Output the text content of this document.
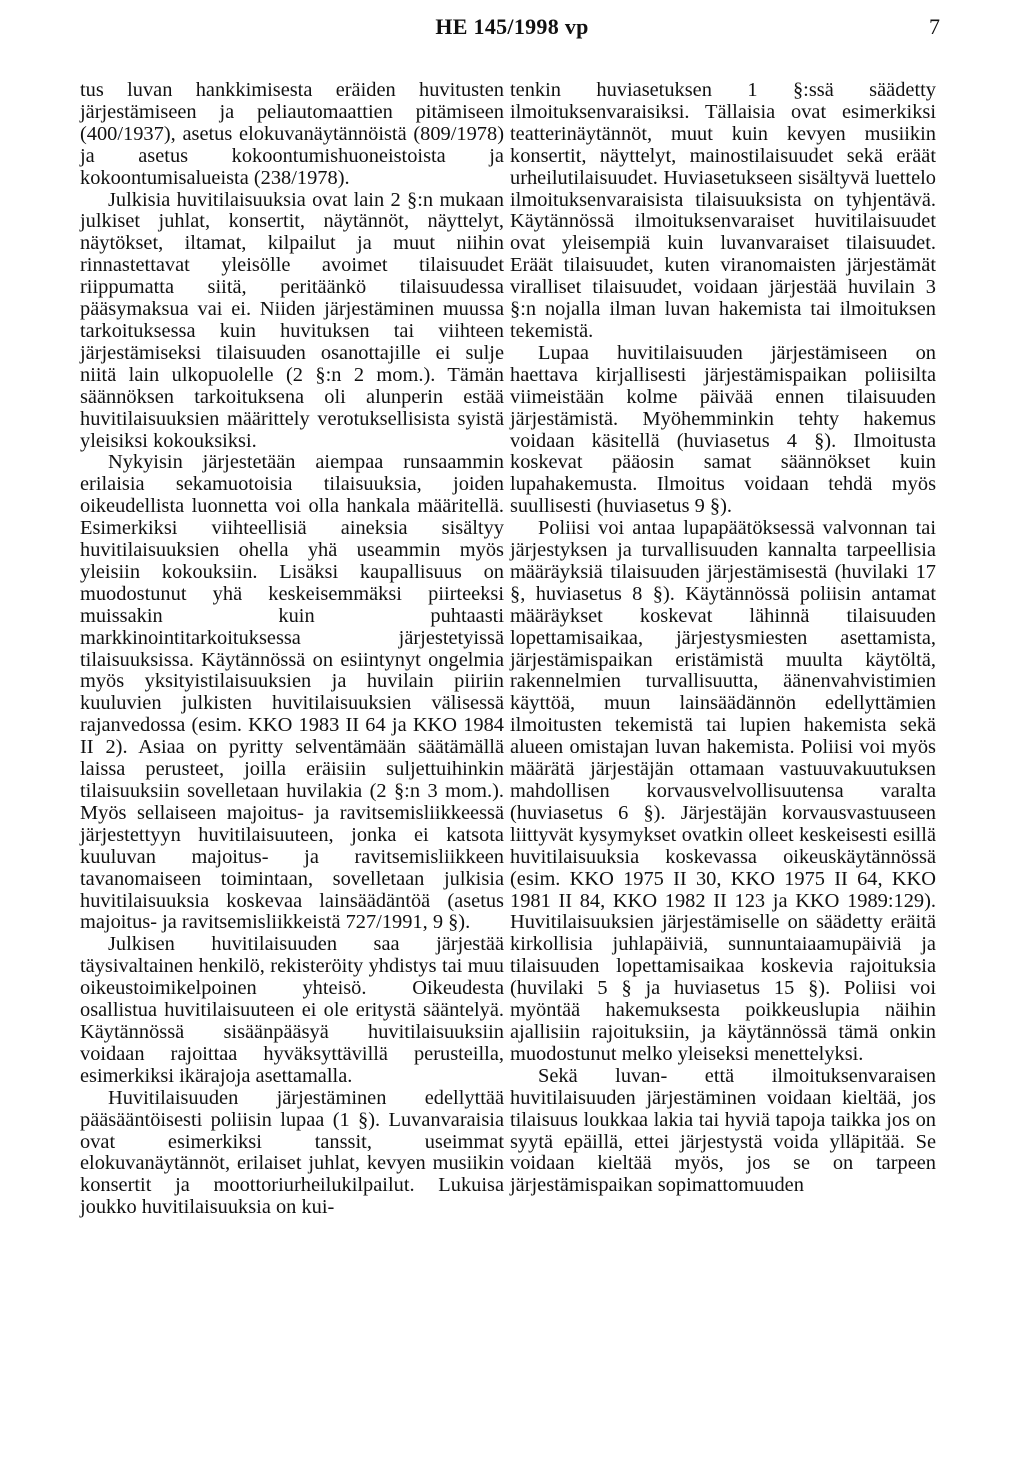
HE 145/1998 vp	7

tus luvan hankkimisesta eräiden huvitusten järjestämiseen ja peliautomaattien pitämiseen (400/1937), asetus elokuvanäytännöistä (809/1978) ja asetus kokoontumishuoneistoista ja kokoontumisalueista (238/1978).

Julkisia huvitilaisuuksia ovat lain 2 §:n mukaan julkiset juhlat, konsertit, näytännöt, näyttelyt, näytökset, iltamat, kilpailut ja muut niihin rinnastettavat yleisölle avoimet tilaisuudet riippumatta siitä, peritäänkö tilaisuudessa pääsymaksua vai ei. Niiden järjestäminen muussa tarkoituksessa kuin huvituksen tai viihteen järjestämiseksi tilaisuuden osanottajille ei sulje niitä lain ulkopuolelle (2 §:n 2 mom.). Tämän säännöksen tarkoituksena oli alunperin estää huvitilaisuuksien määrittely verotuksellisista syistä yleisiksi kokouksiksi.

Nykyisin järjestetään aiempaa runsaammin erilaisia sekamuotoisia tilaisuuksia, joiden oikeudellista luonnetta voi olla hankala määritellä. Esimerkiksi viihteellisiä aineksia sisältyy huvitilaisuuksien ohella yhä useammin myös yleisiin kokouksiin. Lisäksi kaupallisuus on muodostunut yhä keskeisemmäksi piirteeksi muissakin kuin puhtaasti markkinointitarkoituksessa järjestetyissä tilaisuuksissa. Käytännössä on esiintynyt ongelmia myös yksityistilaisuuksien ja huvilain piiriin kuuluvien julkisten huvitilaisuuksien välisessä rajanvedossa (esim. KKO 1983 II 64 ja KKO 1984 II 2). Asiaa on pyritty selventämään säätämällä laissa perusteet, joilla eräisiin suljettuihinkin tilaisuuksiin sovelletaan huvilakia (2 §:n 3 mom.). Myös sellaiseen majoitus- ja ravitsemisliikkeessä järjestettyyn huvitilaisuuteen, jonka ei katsota kuuluvan majoitus- ja ravitsemisliikkeen tavanomaiseen toimintaan, sovelletaan julkisia huvitilaisuuksia koskevaa lainsäädäntöä (asetus majoitus- ja ravitsemisliikkeistä 727/1991, 9 §).

Julkisen huvitilaisuuden saa järjestää täysivaltainen henkilö, rekisteröity yhdistys tai muu oikeustoimikelpoinen yhteisö. Oikeudesta osallistua huvitilaisuuteen ei ole eritystä sääntelyä. Käytännössä sisäänpääsyä huvitilaisuuksiin voidaan rajoittaa hyväksyttävillä perusteilla, esimerkiksi ikärajoja asettamalla.

Huvitilaisuuden järjestäminen edellyttää pääsääntöisesti poliisin lupaa (1 §). Luvanvaraisia ovat esimerkiksi tanssit, useimmat elokuvanäytännöt, erilaiset juhlat, kevyen musiikin konsertit ja moottoriurheilukilpailut. Lukuisa joukko huvitilaisuuksia on kui-

tenkin huviasetuksen 1 §:ssä säädetty ilmoituksenvaraisiksi. Tällaisia ovat esimerkiksi teatterinäytännöt, muut kuin kevyen musiikin konsertit, näyttelyt, mainostilaisuudet sekä eräät urheilutilaisuudet. Huviasetukseen sisältyvä luettelo ilmoituksenvaraisista tilaisuuksista on tyhjentävä. Käytännössä ilmoituksenvaraiset huvitilaisuudet ovat yleisempiä kuin luvanvaraiset tilaisuudet. Eräät tilaisuudet, kuten viranomaisten järjestämät viralliset tilaisuudet, voidaan järjestää huvilain 3 §:n nojalla ilman luvan hakemista tai ilmoituksen tekemistä.

Lupaa huvitilaisuuden järjestämiseen on haettava kirjallisesti järjestämispaikan poliisilta viimeistään kolme päivää ennen tilaisuuden järjestämistä. Myöhemminkin tehty hakemus voidaan käsitellä (huviasetus 4 §). Ilmoitusta koskevat pääosin samat säännökset kuin lupahakemusta. Ilmoitus voidaan tehdä myös suullisesti (huviasetus 9 §).

Poliisi voi antaa lupapäätöksessä valvonnan tai järjestyksen ja turvallisuuden kannalta tarpeellisia määräyksiä tilaisuuden järjestämisestä (huvilaki 17 §, huviasetus 8 §). Käytännössä poliisin antamat määräykset koskevat lähinnä tilaisuuden lopettamisaikaa, järjestysmiesten asettamista, järjestämispaikan eristämistä muulta käytöltä, rakennelmien turvallisuutta, äänenvahvistimien käyttöä, muun lainsäädännön edellyttämien ilmoitusten tekemistä tai lupien hakemista sekä alueen omistajan luvan hakemista. Poliisi voi myös määrätä järjestäjän ottamaan vastuuvakuutuksen mahdollisen korvausvelvollisuutensa varalta (huviasetus 6 §). Järjestäjän korvausvastuuseen liittyvät kysymykset ovatkin olleet keskeisesti esillä huvitilaisuuksia koskevassa oikeuskäytännössä (esim. KKO 1975 II 30, KKO 1975 II 64, KKO 1981 II 84, KKO 1982 II 123 ja KKO 1989:129). Huvitilaisuuksien järjestämiselle on säädetty eräitä kirkollisia juhlapäiviä, sunnuntaiaamupäiviä ja tilaisuuden lopettamisaikaa koskevia rajoituksia (huvilaki 5 § ja huviasetus 15 §). Poliisi voi myöntää hakemuksesta poikkeuslupia näihin ajallisiin rajoituksiin, ja käytännössä tämä onkin muodostunut melko yleiseksi menettelyksi.

Sekä luvan- että ilmoituksenvaraisen huvitilaisuuden järjestäminen voidaan kieltää, jos tilaisuus loukkaa lakia tai hyviä tapoja taikka jos on syytä epäillä, ettei järjestystä voida ylläpitää. Se voidaan kieltää myös, jos se on tarpeen järjestämispaikan sopimattomuuden
